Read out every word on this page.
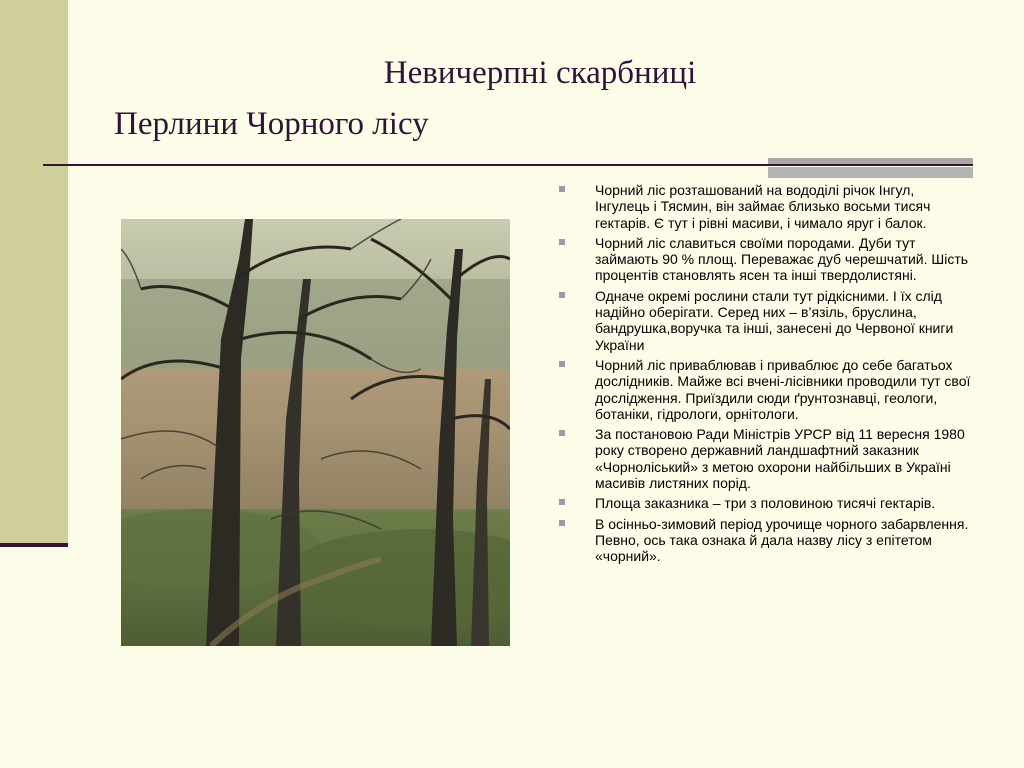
Невичерпні скарбниці
Перлини Чорного лісу
Чорний ліс розташований на вододілі річок Інгул, Інгулець і Тясмин, він займає близько восьми тисяч гектарів. Є тут і рівні масиви, і чимало яруг і балок.
Чорний ліс славиться своїми породами. Дуби тут займають 90 % площ. Переважає дуб черешчатий. Шість процентів становлять ясен та інші твердолистяні.
Одначе окремі рослини стали тут рідкісними. І їх слід надійно оберігати. Серед них – в’язіль, бруслина, бандрушка,воручка та інші, занесені до Червоної книги України
Чорний ліс приваблював і приваблює до себе багатьох дослідників. Майже всі вчені-лісівники проводили тут свої дослідження. Приїздили сюди ґрунтознавці, геологи, ботаніки, гідрологи, орнітологи.
За постановою Ради Міністрів УРСР від 11 вересня 1980 року створено державний ландшафтний заказник «Чорнолiський» з метою охорони найбільших в Україні масивів листяних порід.
Площа заказника – три з половиною тисячі гектарів.
В осінньо-зимовий період урочище чорного забарвлення. Певно, ось така ознака й дала назву лісу з епітетом «чорний».
